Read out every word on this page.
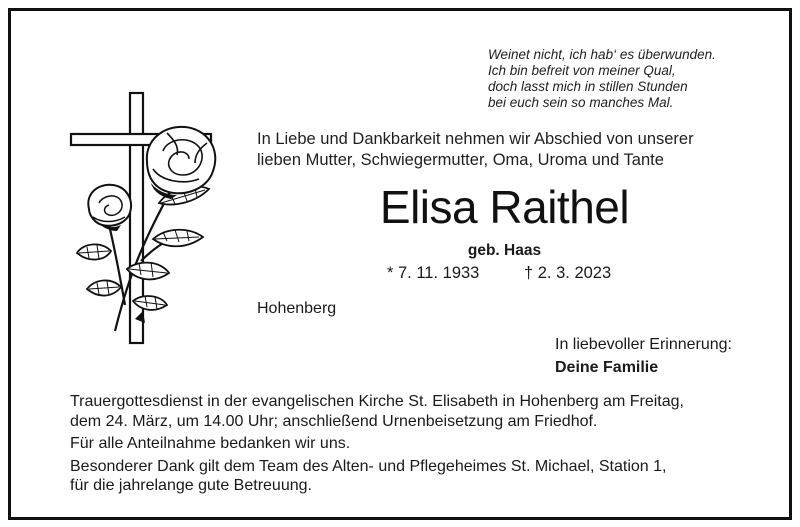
Weinet nicht, ich hab‘ es überwunden.
Ich bin befreit von meiner Qual,
doch lasst mich in stillen Stunden
bei euch sein so manches Mal.
In Liebe und Dankbarkeit nehmen wir Abschied von unserer
lieben Mutter, Schwiegermutter, Oma, Uroma und Tante
Elisa Raithel
geb. Haas
* 7. 11. 1933	† 2. 3. 2023
Hohenberg
In liebevoller Erinnerung:
Deine Familie

Trauergottesdienst in der evangelischen Kirche St. Elisabeth in Hohenberg am Freitag,
dem 24. März, um 14.00 Uhr; anschließend Urnenbeisetzung am Friedhof.

Für alle Anteilnahme bedanken wir uns.

Besonderer Dank gilt dem Team des Alten- und Pflegeheimes St. Michael, Station 1,
für die jahrelange gute Betreuung.
